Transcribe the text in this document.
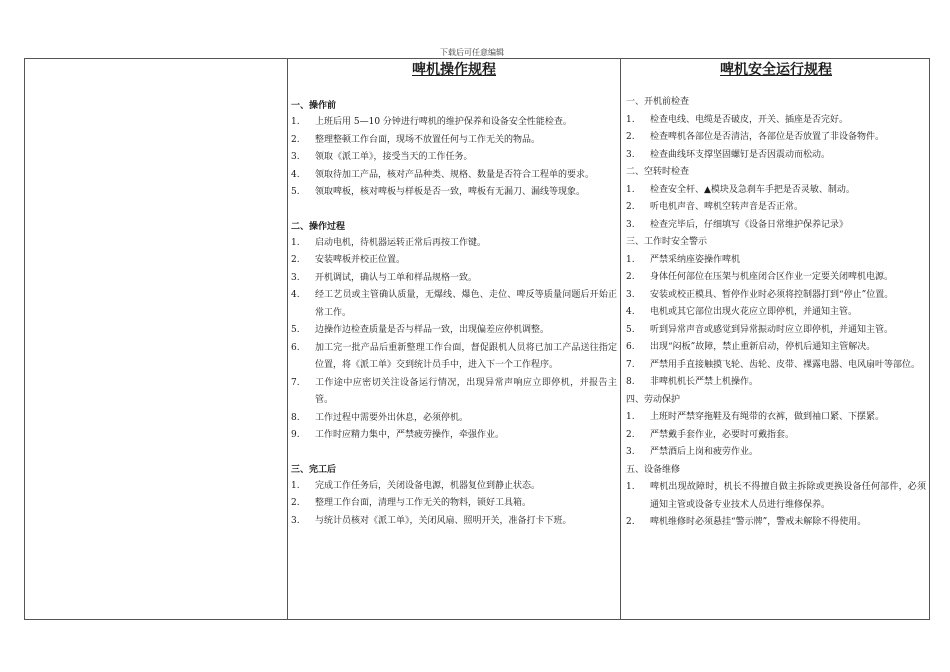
下载后可任意编辑
啤机操作规程
一、操作前
1.	上班后用 5—10 分钟进行啤机的维护保养和设备安全性能检查。
2.	整理整顿工作台面，现场不放置任何与工作无关的物品。
3.	领取《派工单》，接受当天的工作任务。
4.	领取待加工产品，核对产品种类、规格、数量是否符合工程单的要求。
5.	领取啤板，核对啤板与样板是否一致，啤板有无漏刀、漏线等现象。
二、操作过程
1.	启动电机，待机器运转正常后再按工作键。
2.	安装啤板并校正位置。
3.	开机调试，确认与工单和样品规格一致。
4.	经工艺员或主管确认质量，无爆线、爆色、走位、啤反等质量问题后开始正常工作。
5.	边操作边检查质量是否与样品一致，出现偏差应停机调整。
6.	加工完一批产品后重新整理工作台面，督促跟机人员将已加工产品送往指定位置，将《派工单》交到统计员手中，进入下一个工作程序。
7.	工作途中应密切关注设备运行情况，出现异常声响应立即停机，并报告主管。
8.	工作过程中需要外出休息，必须停机。
9.	工作时应精力集中，严禁疲劳操作，牵强作业。
三、完工后
1.	完成工作任务后，关闭设备电源，机器复位到静止状态。
2.	整理工作台面，清理与工作无关的物料，锁好工具箱。
3.	与统计员核对《派工单》，关闭风扇、照明开关，准备打卡下班。
啤机安全运行规程
一、开机前检查
1.	检查电线、电缆是否破皮，开关、插座是否完好。
2.	检查啤机各部位是否清洁，各部位是否放置了非设备物件。
3.	检查曲线环支撑坚固螺钉是否因震动而松动。
二、空转时检查
1.	检查安全杆、▲模块及急刹车手把是否灵敏、制动。
2.	听电机声音、啤机空转声音是否正常。
3.	检查完毕后，仔细填写《设备日常维护保养记录》
三、工作时安全警示
1.	严禁采纳座姿操作啤机
2.	身体任何部位在压架与机座闭合区作业一定要关闭啤机电源。
3.	安装或校正模具、暂停作业时必须将控制器打到“停止”位置。
4.	电机或其它部位出现火花应立即停机，并通知主管。
5.	听到异常声音或感觉到异常振动时应立即停机，并通知主管。
6.	出现“闷板”故障，禁止重新启动，停机后通知主管解决。
7.	严禁用手直接触摸飞轮、齿轮、皮带、裸露电器、电风扇叶等部位。
8.	非啤机机长严禁上机操作。
四、劳动保护
1.	上班时严禁穿拖鞋及有绳带的衣裤，做到袖口紧、下摆紧。
2.	严禁戴手套作业，必要时可戴指套。
3.	严禁酒后上岗和疲劳作业。
五、设备维修
1.	啤机出现故障时，机长不得擅自做主拆除或更换设备任何部件，必须通知主管或设备专业技术人员进行维修保养。
2.	啤机维修时必须悬挂“警示牌”，警戒未解除不得使用。
